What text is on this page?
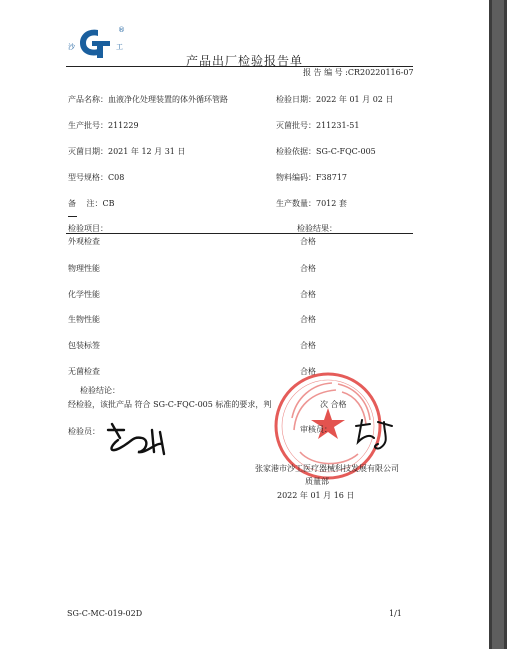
沙	工
®
产品出厂检验报告单
报 告 编 号 :CR20220116-07
产品名称：血液净化处理装置的体外循环管路	检验日期：2022 年 01 月 02 日
生产批号：211229	灭菌批号：211231-51
灭菌日期：2021 年 12 月 31 日	检验依据：SG-C-FQC-005
型号规格：C08	物料编码：F38717
备　 注：CB	生产数量：7012 套
检验项目：	检验结果：
外观检查	合格
物理性能	合格
化学性能	合格
生物性能	合格
包装标签	合格
无菌检查	合格
检验结论：
经检验，该批产品 符合 SG-C-FQC-005 标准的要求，判	次 合格
检验员：	审核员：
张家港市沙工医疗器械科技发展有限公司
质量部
2022 年 01 月 16 日
SG-C-MC-019-02D	1/1
